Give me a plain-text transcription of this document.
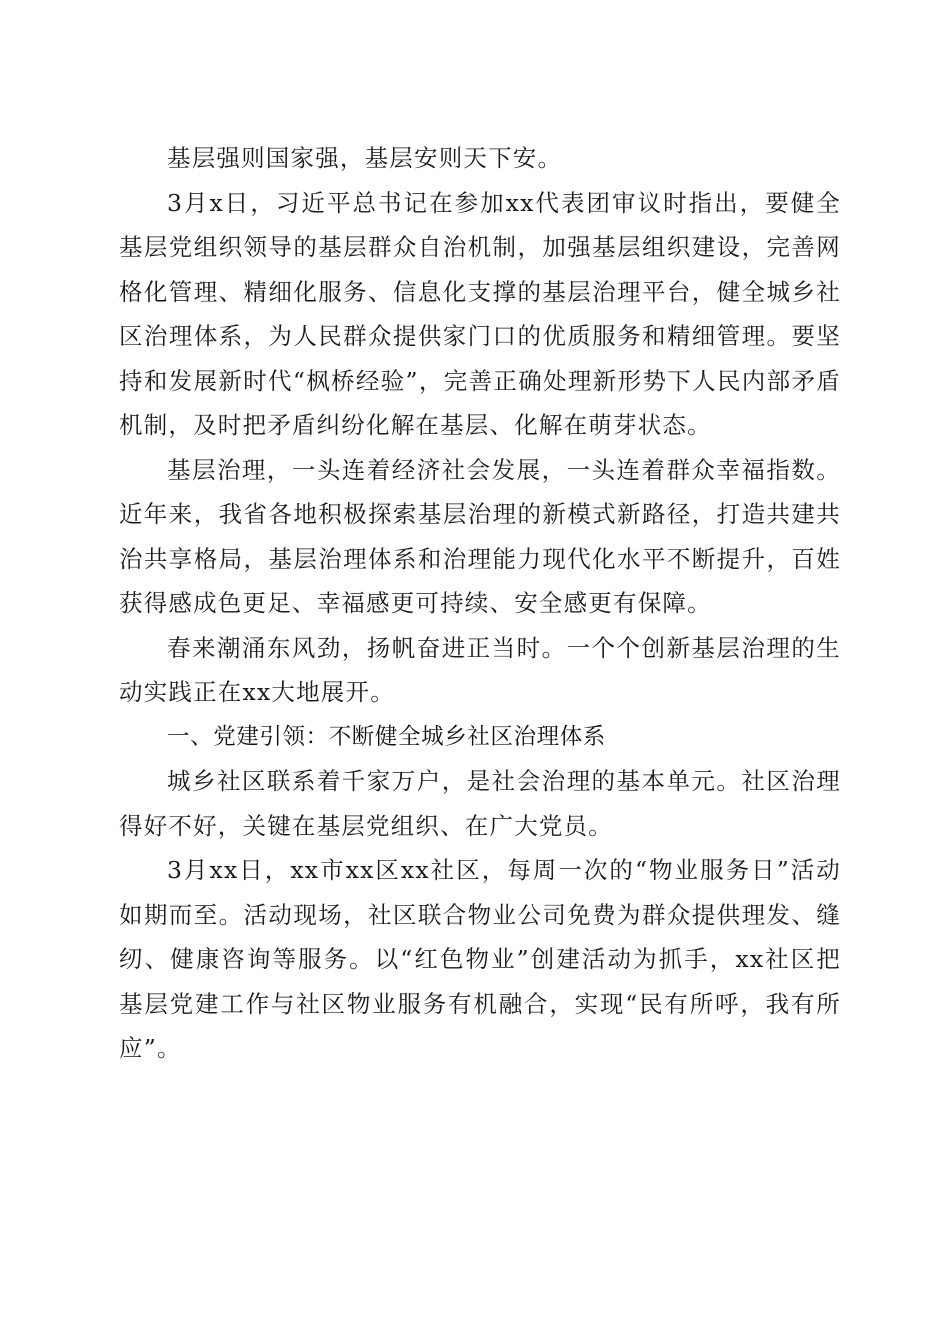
基层强则国家强，基层安则天下安。

3月x日，习近平总书记在参加xx代表团审议时指出，要健全基层党组织领导的基层群众自治机制，加强基层组织建设，完善网格化管理、精细化服务、信息化支撑的基层治理平台，健全城乡社区治理体系，为人民群众提供家门口的优质服务和精细管理。要坚持和发展新时代“枫桥经验”，完善正确处理新形势下人民内部矛盾机制，及时把矛盾纠纷化解在基层、化解在萌芽状态。

基层治理，一头连着经济社会发展，一头连着群众幸福指数。近年来，我省各地积极探索基层治理的新模式新路径，打造共建共治共享格局，基层治理体系和治理能力现代化水平不断提升，百姓获得感成色更足、幸福感更可持续、安全感更有保障。

春来潮涌东风劲，扬帆奋进正当时。一个个创新基层治理的生动实践正在xx大地展开。

一、党建引领：不断健全城乡社区治理体系

城乡社区联系着千家万户，是社会治理的基本单元。社区治理得好不好，关键在基层党组织、在广大党员。

3月xx日，xx市xx区xx社区，每周一次的“物业服务日”活动如期而至。活动现场，社区联合物业公司免费为群众提供理发、缝纫、健康咨询等服务。以“红色物业”创建活动为抓手，xx社区把基层党建工作与社区物业服务有机融合，实现“民有所呼，我有所应”。
